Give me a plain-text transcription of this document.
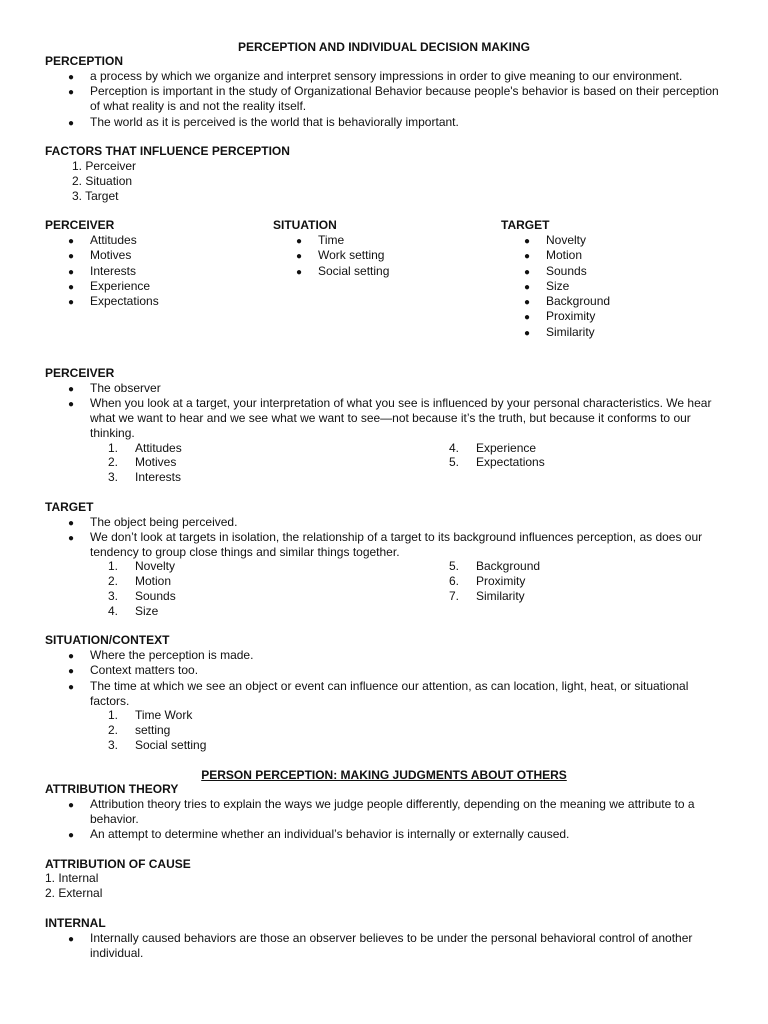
PERCEPTION AND INDIVIDUAL DECISION MAKING
PERCEPTION
● a process by which we organize and interpret sensory impressions in order to give meaning to our environment.
● Perception is important in the study of Organizational Behavior because people's behavior is based on their perception of what reality is and not the reality itself.
● The world as it is perceived is the world that is behaviorally important.
FACTORS THAT INFLUENCE PERCEPTION
1. Perceiver
2. Situation
3. Target
PERCEIVER	SITUATION	TARGET
● Attitudes
● Motives
● Interests
● Experience
● Expectations
● Time
● Work setting
● Social setting
● Novelty
● Motion
● Sounds
● Size
● Background
● Proximity
● Similarity
PERCEIVER
● The observer
● When you look at a target, your interpretation of what you see is influenced by your personal characteristics. We hear what we want to hear and we see what we want to see—not because it’s the truth, but because it conforms to our thinking.
1. Attitudes
2. Motives
3. Interests
4. Experience
5. Expectations
TARGET
● The object being perceived.
● We don’t look at targets in isolation, the relationship of a target to its background influences perception, as does our tendency to group close things and similar things together.
1. Novelty
2. Motion
3. Sounds
4. Size
5. Background
6. Proximity
7. Similarity
SITUATION/CONTEXT
● Where the perception is made.
● Context matters too.
● The time at which we see an object or event can influence our attention, as can location, light, heat, or situational factors.
1. Time Work
2. setting
3. Social setting
PERSON PERCEPTION: MAKING JUDGMENTS ABOUT OTHERS
ATTRIBUTION THEORY
● Attribution theory tries to explain the ways we judge people differently, depending on the meaning we attribute to a behavior.
● An attempt to determine whether an individual’s behavior is internally or externally caused.
ATTRIBUTION OF CAUSE
1. Internal
2. External
INTERNAL
● Internally caused behaviors are those an observer believes to be under the personal behavioral control of another individual.
